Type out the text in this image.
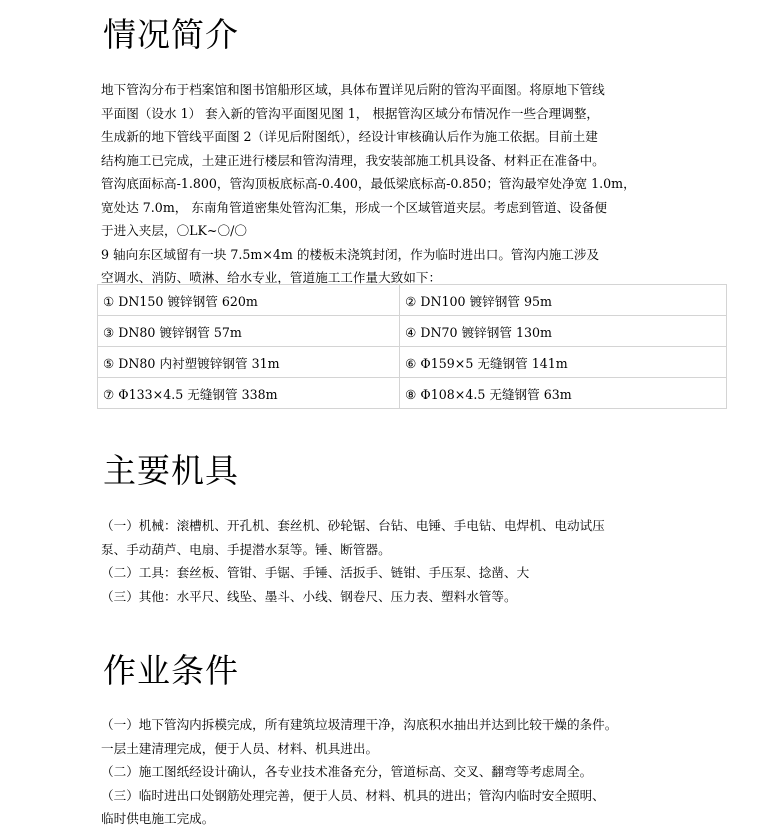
情况简介
地下管沟分布于档案馆和图书馆船形区域，具体布置详见后附的管沟平面图。将原地下管线
平面图（设水 1） 套入新的管沟平面图见图 1， 根据管沟区域分布情况作一些合理调整，
生成新的地下管线平面图 2（详见后附图纸），经设计审核确认后作为施工依据。目前土建
结构施工已完成，土建正进行楼层和管沟清理，我安装部施工机具设备、材料正在准备中。
管沟底面标高-1.800，管沟顶板底标高-0.400，最低梁底标高-0.850；管沟最窄处净宽 1.0m，
宽处达 7.0m， 东南角管道密集处管沟汇集，形成一个区域管道夹层。考虑到管道、设备便
于进入夹层，〇LK~〇/〇
9 轴向东区域留有一块 7.5m×4m 的楼板未浇筑封闭，作为临时进出口。管沟内施工涉及
空调水、消防、喷淋、给水专业，管道施工工作量大致如下：
① DN150 镀锌钢管 620m	② DN100 镀锌钢管 95m
③ DN80 镀锌钢管 57m	④ DN70 镀锌钢管 130m
⑤ DN80 内衬塑镀锌钢管 31m	⑥ Φ159×5 无缝钢管 141m
⑦ Φ133×4.5 无缝钢管 338m	⑧ Φ108×4.5 无缝钢管 63m
主要机具
（一）机械：滚槽机、开孔机、套丝机、砂轮锯、台钻、电锤、手电钻、电焊机、电动试压
泵、手动葫芦、电扇、手提潜水泵等。锤、断管器。
（二）工具：套丝板、管钳、手锯、手锤、活扳手、链钳、手压泵、捻凿、大
（三）其他：水平尺、线坠、墨斗、小线、钢卷尺、压力表、塑料水管等。
作业条件
（一）地下管沟内拆模完成，所有建筑垃圾清理干净，沟底积水抽出并达到比较干燥的条件。
一层土建清理完成，便于人员、材料、机具进出。
（二）施工图纸经设计确认，各专业技术准备充分，管道标高、交叉、翻弯等考虑周全。
（三）临时进出口处钢筋处理完善，便于人员、材料、机具的进出；管沟内临时安全照明、
临时供电施工完成。
